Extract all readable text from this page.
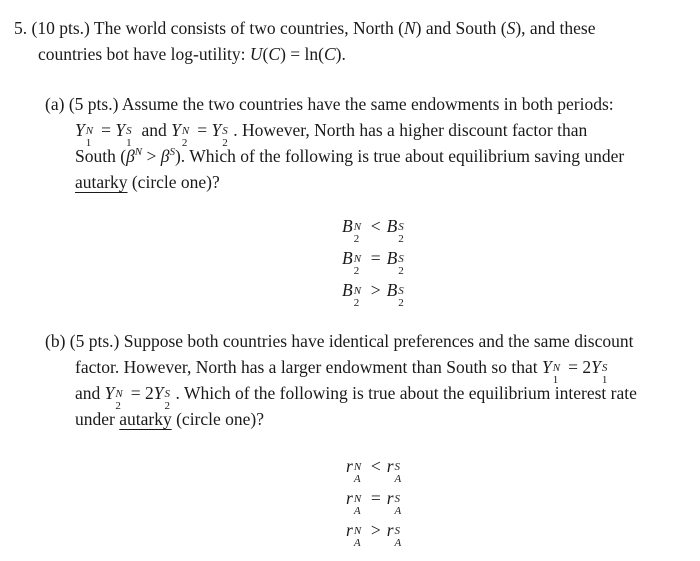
5. (10 pts.) The world consists of two countries, North (N) and South (S), and these
countries bot have log-utility: U(C) = ln(C).
(a) (5 pts.) Assume the two countries have the same endowments in both periods:
Y N
1
= Y S
1
and Y N
2
= Y S
2
. However, North has a higher discount factor than
South $(\beta^N > \beta^S)$. Which of the following is true about equilibrium saving under
autarky (circle one)?
B N
2
< B S
2
B N
2
= B S
2
B N
2
> B S
2
(b) (5 pts.) Suppose both countries have identical preferences and the same discount
factor. However, North has a larger endowment than South so that Y N
1
= 2Y S
1
and Y N
2
= 2Y S
2
. Which of the following is true about the equilibrium interest rate
under autarky (circle one)?
r N
A
< r S
A
r N
A
= r S
A
r N
A
> r S
A
